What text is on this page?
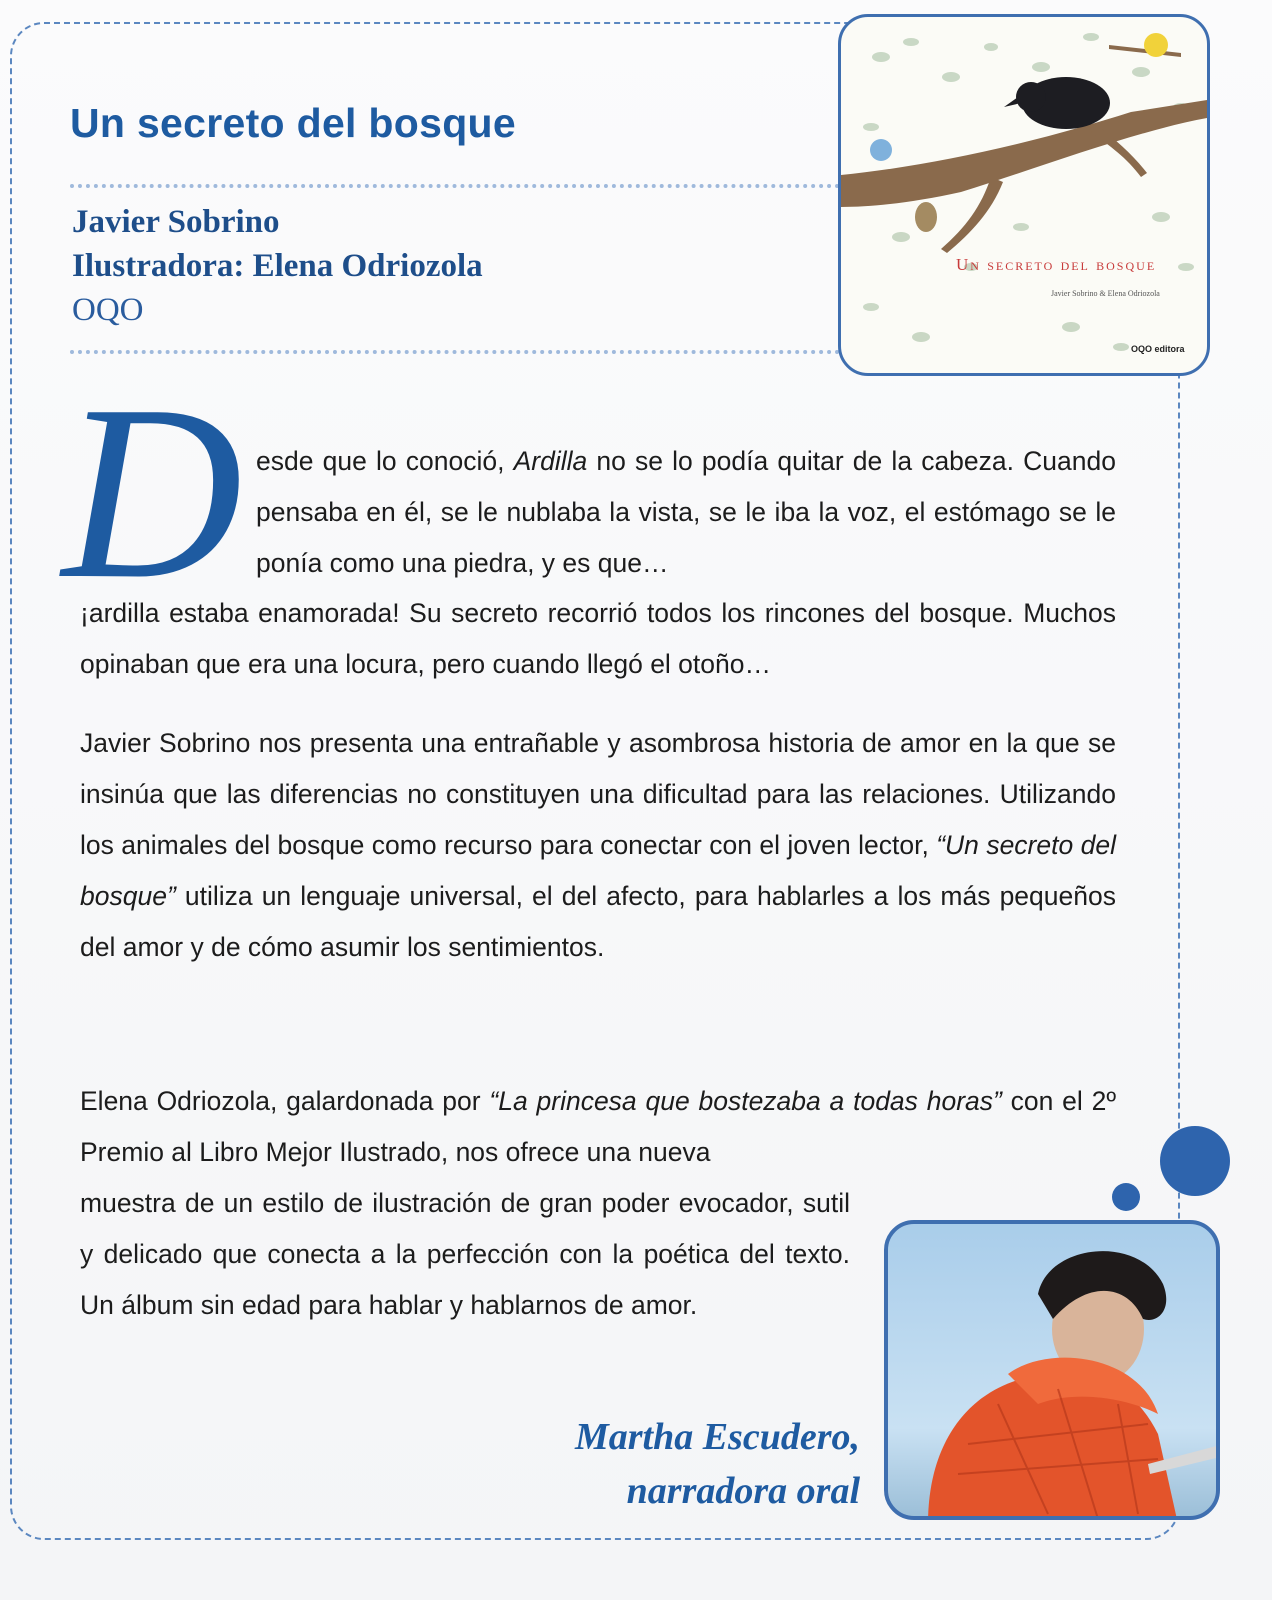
Un secreto del bosque
Javier Sobrino
Ilustradora: Elena Odriozola
OQO
Un secreto del bosque
Javier Sobrino & Elena Odriozola
OQO editora
D esde que lo conoció, Ardilla no se lo podía quitar de la cabeza. Cuando pensaba en él, se le nublaba la vista, se le iba la voz, el estómago se le ponía como una piedra, y es que…

¡ardilla estaba enamorada! Su secreto recorrió todos los rincones del bosque. Muchos opinaban que era una locura, pero cuando llegó el otoño…

Javier Sobrino nos presenta una entrañable y asombrosa historia de amor en la que se insinúa que las diferencias no constituyen una dificultad para las relaciones. Utilizando los animales del bosque como recurso para conectar con el joven lector, “Un secreto del bosque” utiliza un lenguaje universal, el del afecto, para hablarles a los más pequeños del amor y de cómo asumir los sentimientos.

Elena Odriozola, galardonada por “La princesa que bostezaba a todas horas” con el 2º Premio al Libro Mejor Ilustrado, nos ofrece una nueva

muestra de un estilo de ilustración de gran poder evocador, sutil y delicado que conecta a la perfección con la poética del texto. Un álbum sin edad para hablar y hablarnos de amor.

Martha Escudero,
narradora oral
